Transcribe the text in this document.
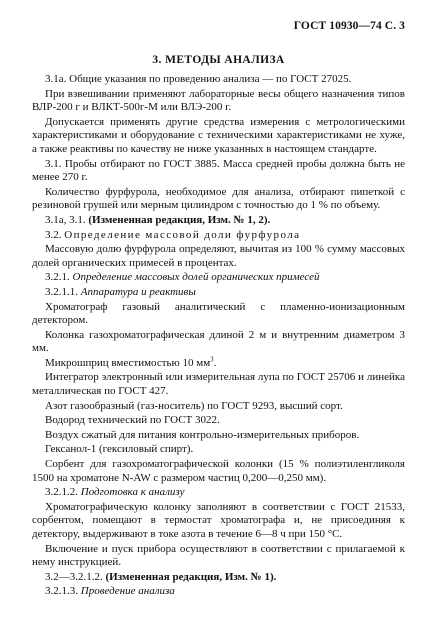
ГОСТ 10930—74 С. 3
3. МЕТОДЫ АНАЛИЗА

3.1а. Общие указания по проведению анализа — по ГОСТ 27025.

При взвешивании применяют лабораторные весы общего назначения типов ВЛР-200 г и ВЛКТ-500г-М или ВЛЭ-200 г.

Допускается применять другие средства измерения с метрологическими характеристиками и оборудование с техническими характеристиками не хуже, а также реактивы по качеству не ниже указанных в настоящем стандарте.

3.1. Пробы отбирают по ГОСТ 3885. Масса средней пробы должна быть не менее 270 г.

Количество фурфурола, необходимое для анализа, отбирают пипеткой с резиновой грушей или мерным цилиндром с точностью до 1 % по объему.

3.1а, 3.1. (Измененная редакция, Изм. № 1, 2).

3.2. Определение массовой доли фурфурола

Массовую долю фурфурола определяют, вычитая из 100 % сумму массовых долей органических примесей в процентах.

3.2.1. Определение массовых долей органических примесей

3.2.1.1. Аппаратура и реактивы

Хроматограф газовый аналитический с пламенно-ионизационным детектором.

Колонка газохроматографическая длиной 2 м и внутренним диаметром 3 мм.

Микрошприц вместимостью 10 $мм^3$.

Интегратор электронный или измерительная лупа по ГОСТ 25706 и линейка металлическая по ГОСТ 427.

Азот газообразный (газ-носитель) по ГОСТ 9293, высший сорт.

Водород технический по ГОСТ 3022.

Воздух сжатый для питания контрольно-измерительных приборов.

Гексанол-1 (гексиловый спирт).

Сорбент для газохроматографической колонки (15 % полиэтиленгликоля 1500 на хроматоне N-AW с размером частиц 0,200—0,250 мм).

3.2.1.2. Подготовка к анализу

Хроматографическую колонку заполняют в соответствии с ГОСТ 21533, сорбентом, помещают в термостат хроматографа и, не присоединяя к детектору, выдерживают в токе азота в течение 6—8 ч при 150 °С.

Включение и пуск прибора осуществляют в соответствии с прилагаемой к нему инструкцией.

3.2—3.2.1.2. (Измененная редакция, Изм. № 1).

3.2.1.3. Проведение анализа
